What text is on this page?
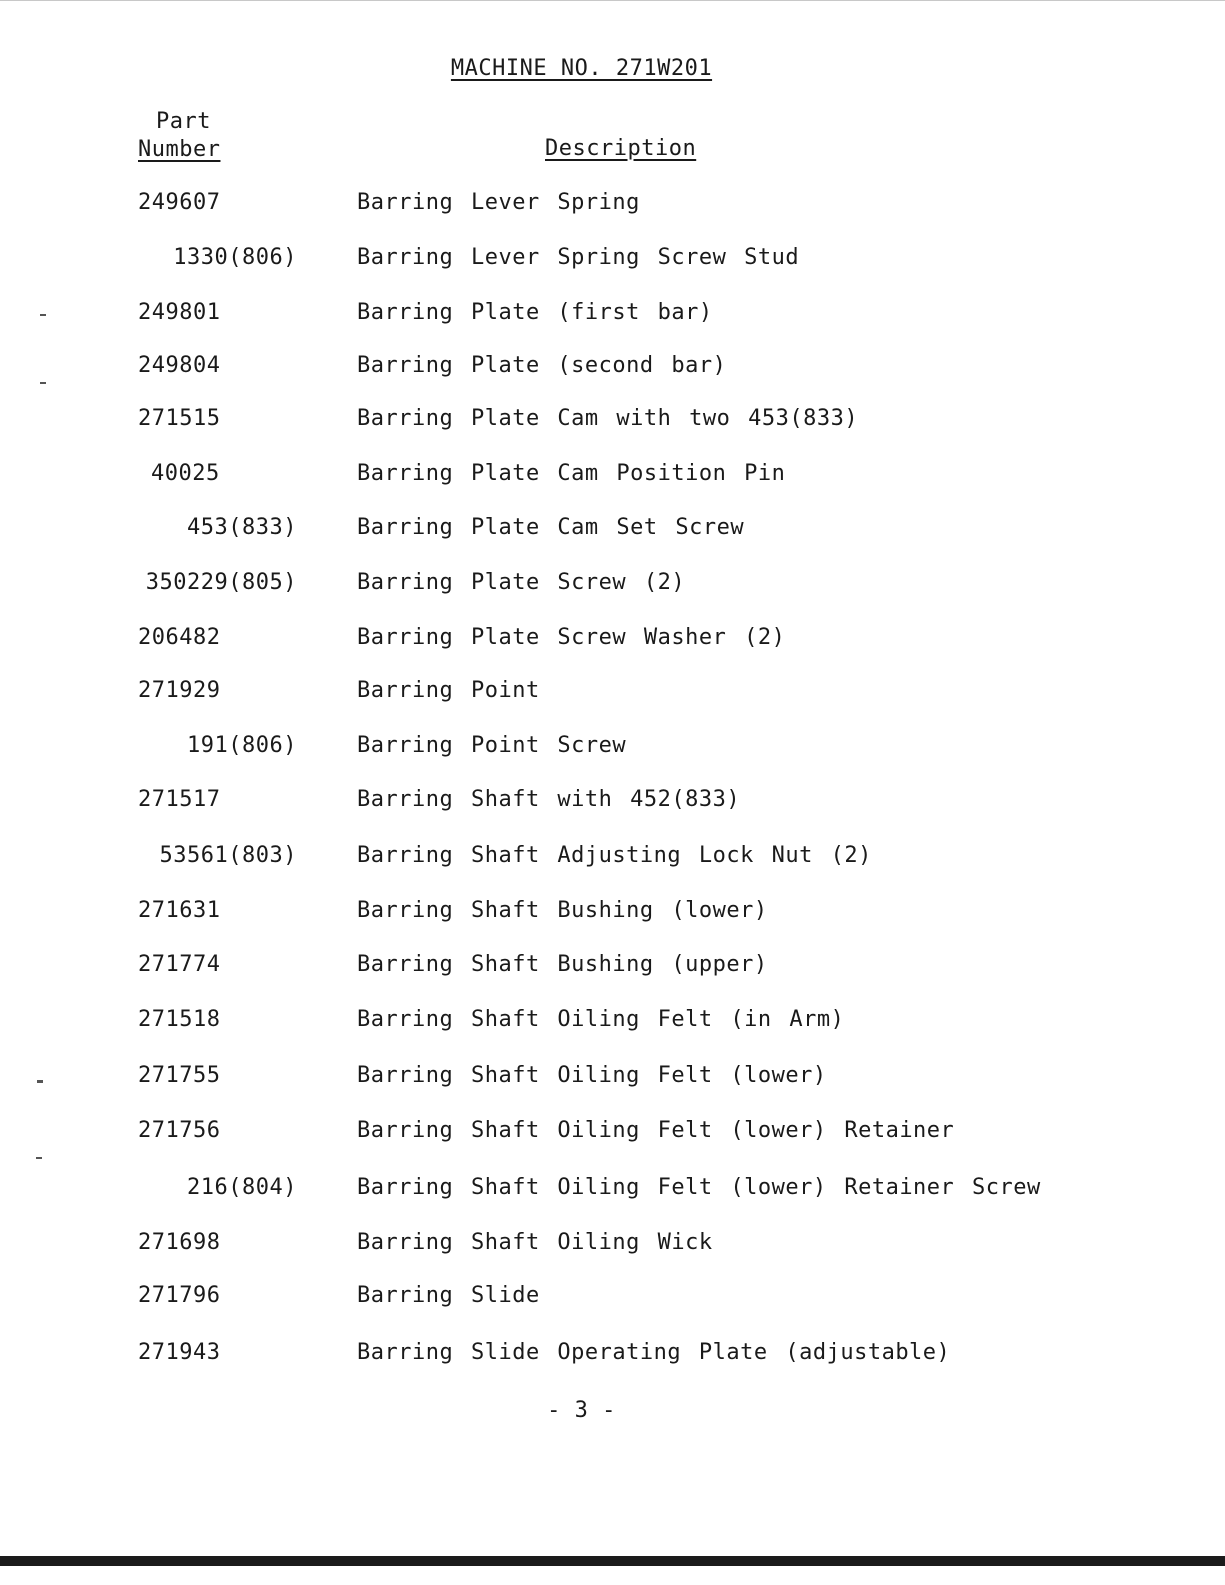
MACHINE NO. 271W201
Part
Number	Description
249607	Barring Lever Spring
1330(806)	Barring Lever Spring Screw Stud
249801	Barring Plate (first bar)
249804	Barring Plate (second bar)
271515	Barring Plate Cam with two 453(833)
40025	Barring Plate Cam Position Pin
453(833)	Barring Plate Cam Set Screw
350229(805)	Barring Plate Screw (2)
206482	Barring Plate Screw Washer (2)
271929	Barring Point
191(806)	Barring Point Screw
271517	Barring Shaft with 452(833)
53561(803)	Barring Shaft Adjusting Lock Nut (2)
271631	Barring Shaft Bushing (lower)
271774	Barring Shaft Bushing (upper)
271518	Barring Shaft Oiling Felt (in Arm)
271755	Barring Shaft Oiling Felt (lower)
271756	Barring Shaft Oiling Felt (lower) Retainer
216(804)	Barring Shaft Oiling Felt (lower) Retainer Screw
271698	Barring Shaft Oiling Wick
271796	Barring Slide
271943	Barring Slide Operating Plate (adjustable)
- 3 -
